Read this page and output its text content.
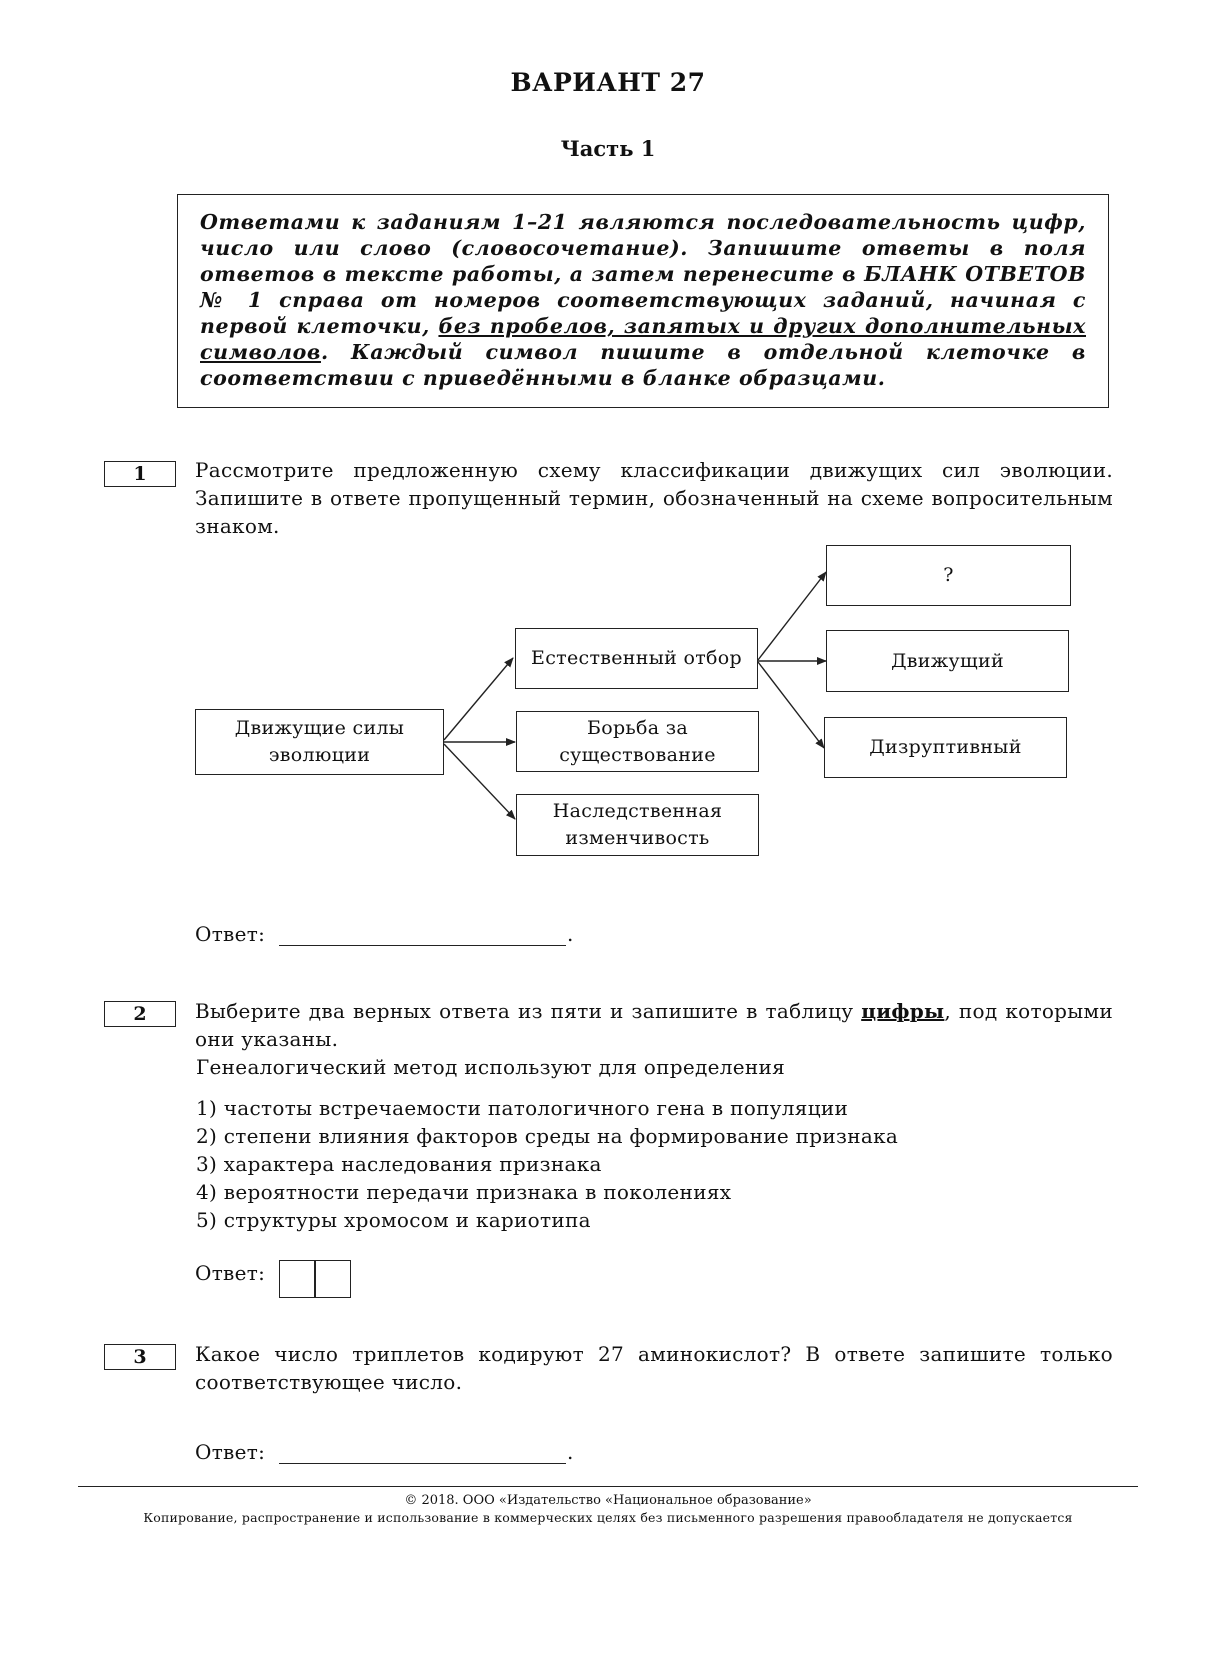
ВАРИАНТ 27
Часть 1
Ответами к заданиям 1–21 являются последовательность цифр, число или слово (словосочетание). Запишите ответы в поля ответов в тексте работы, а затем перенесите в БЛАНК ОТВЕТОВ № 1 справа от номеров соответствующих заданий, начиная с первой клеточки, без пробелов, запятых и других дополнительных символов. Каждый символ пишите в отдельной клеточке в соответствии с приведёнными в бланке образцами.
1	Рассмотрите предложенную схему классификации движущих сил эволюции. Запишите в ответе пропущенный термин, обозначенный на схеме вопросительным знаком.
Движущие силы эволюции
Естественный отбор
Борьба за существование
Наследственная изменчивость
?
Движущий
Дизруптивный
Ответ:	.
2	Выберите два верных ответа из пяти и запишите в таблицу цифры, под которыми они указаны.
Генеалогический метод используют для определения
1) частоты встречаемости патологичного гена в популяции
2) степени влияния факторов среды на формирование признака
3) характера наследования признака
4) вероятности передачи признака в поколениях
5) структуры хромосом и кариотипа
Ответ:
3	Какое число триплетов кодируют 27 аминокислот? В ответе запишите только соответствующее число.
Ответ:	.
© 2018. ООО «Издательство «Национальное образование»
Копирование, распространение и использование в коммерческих целях без письменного разрешения правообладателя не допускается
